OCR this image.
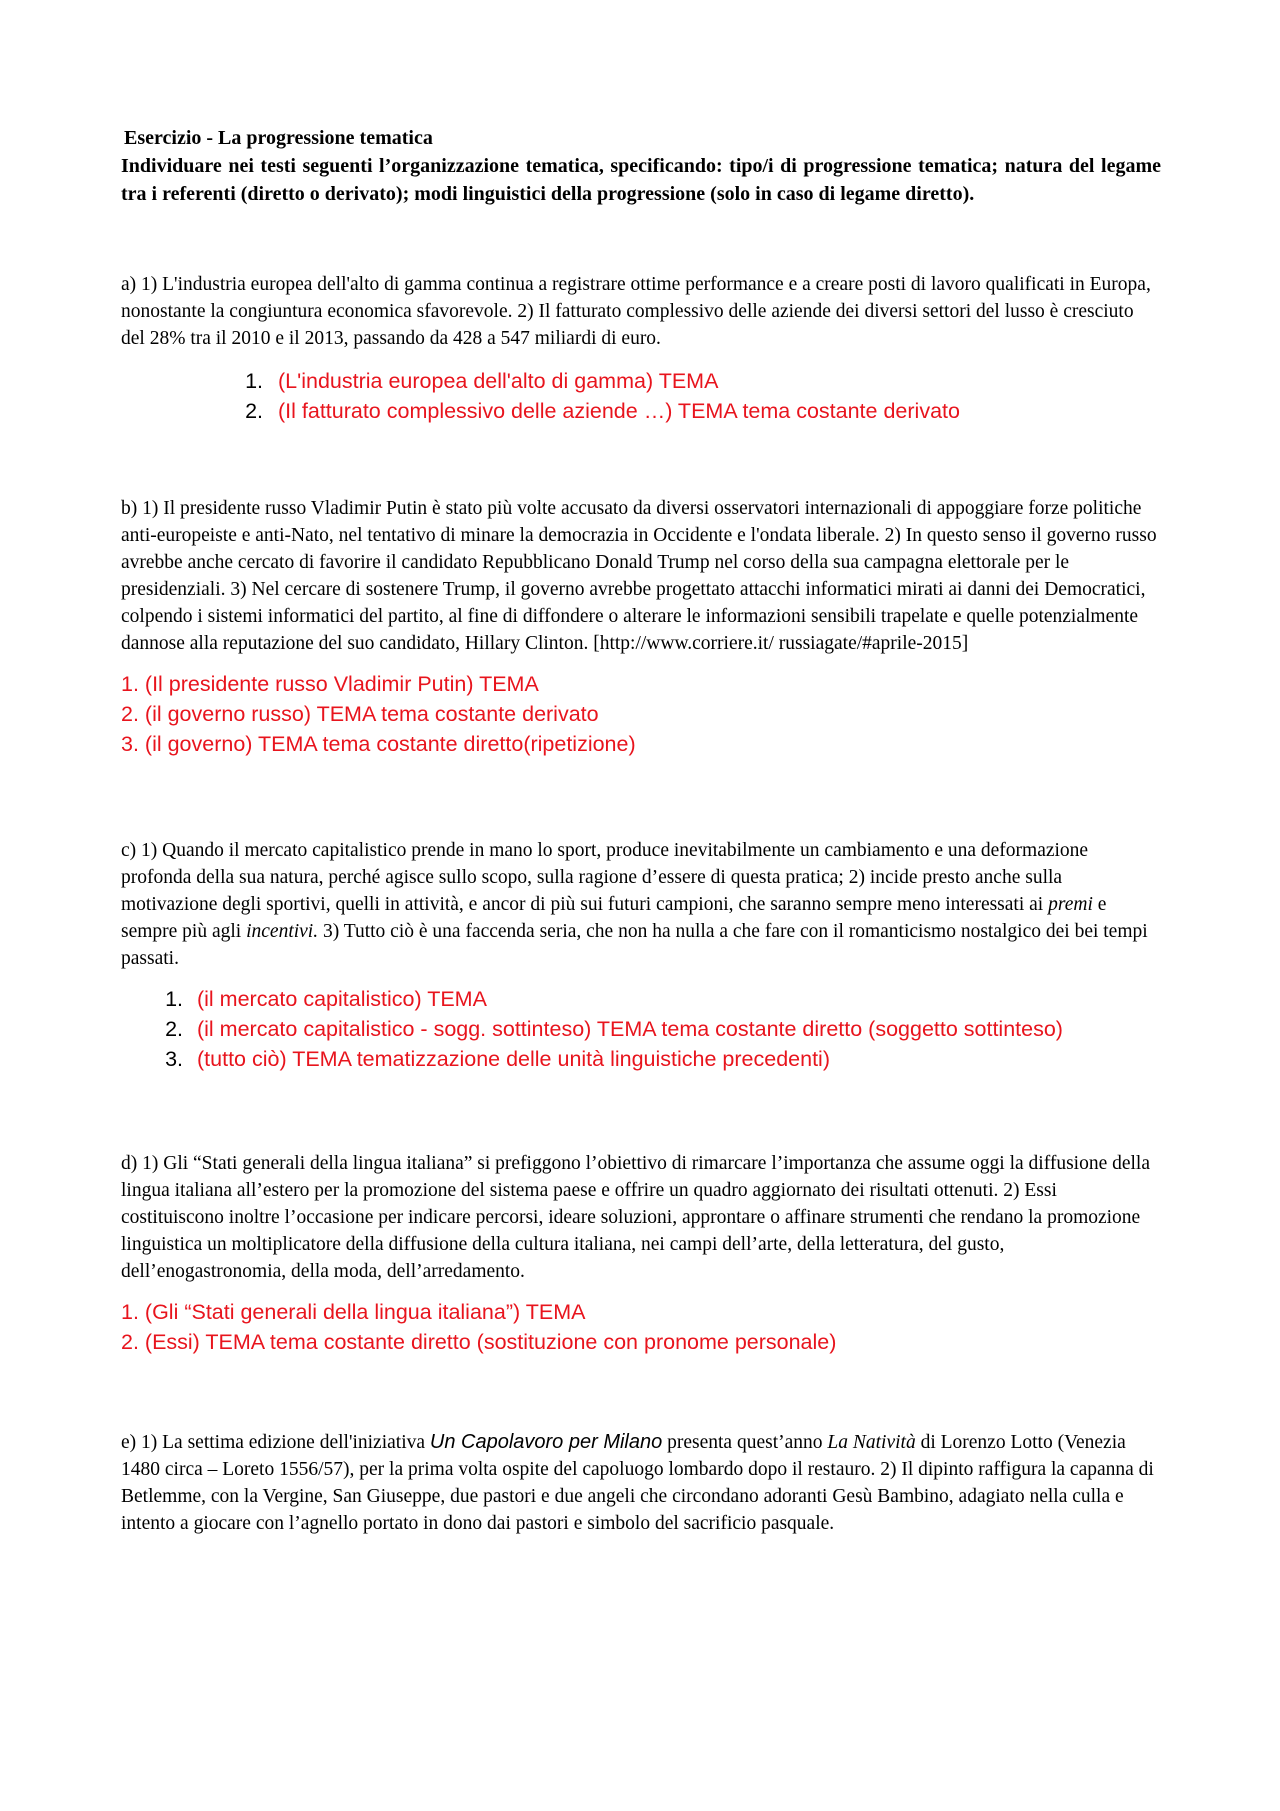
Esercizio - La progressione tematica

Individuare nei testi seguenti l’organizzazione tematica, specificando: tipo/i di progressione tematica; natura del legame tra i referenti (diretto o derivato); modi linguistici della progressione (solo in caso di legame diretto).

a) 1) L'industria europea dell'alto di gamma continua a registrare ottime performance e a creare posti di lavoro qualificati in Europa, nonostante la congiuntura economica sfavorevole. 2) Il fatturato complessivo delle aziende dei diversi settori del lusso è cresciuto del 28% tra il 2010 e il 2013, passando da 428 a 547 miliardi di euro.

1. (L'industria europea dell'alto di gamma) TEMA
2. (Il fatturato complessivo delle aziende …) TEMA tema costante derivato

b) 1) Il presidente russo Vladimir Putin è stato più volte accusato da diversi osservatori internazionali di appoggiare forze politiche anti-europeiste e anti-Nato, nel tentativo di minare la democrazia in Occidente e l'ondata liberale. 2) In questo senso il governo russo avrebbe anche cercato di favorire il candidato Repubblicano Donald Trump nel corso della sua campagna elettorale per le presidenziali. 3) Nel cercare di sostenere Trump, il governo avrebbe progettato attacchi informatici mirati ai danni dei Democratici, colpendo i sistemi informatici del partito, al fine di diffondere o alterare le informazioni sensibili trapelate e quelle potenzialmente dannose alla reputazione del suo candidato, Hillary Clinton. [http://www.corriere.it/ russiagate/#aprile-2015]

1. (Il presidente russo Vladimir Putin) TEMA
2. (il governo russo) TEMA tema costante derivato
3. (il governo) TEMA tema costante diretto(ripetizione)

c) 1) Quando il mercato capitalistico prende in mano lo sport, produce inevitabilmente un cambiamento e una deformazione profonda della sua natura, perché agisce sullo scopo, sulla ragione d’essere di questa pratica; 2) incide presto anche sulla motivazione degli sportivi, quelli in attività, e ancor di più sui futuri campioni, che saranno sempre meno interessati ai premi e sempre più agli incentivi. 3) Tutto ciò è una faccenda seria, che non ha nulla a che fare con il romanticismo nostalgico dei bei tempi passati.

1. (il mercato capitalistico) TEMA
2. (il mercato capitalistico - sogg. sottinteso) TEMA tema costante diretto (soggetto sottinteso)
3. (tutto ciò) TEMA tematizzazione delle unità linguistiche precedenti)

d) 1) Gli “Stati generali della lingua italiana” si prefiggono l’obiettivo di rimarcare l’importanza che assume oggi la diffusione della lingua italiana all’estero per la promozione del sistema paese e offrire un quadro aggiornato dei risultati ottenuti. 2) Essi costituiscono inoltre l’occasione per indicare percorsi, ideare soluzioni, approntare o affinare strumenti che rendano la promozione linguistica un moltiplicatore della diffusione della cultura italiana, nei campi dell’arte, della letteratura, del gusto, dell’enogastronomia, della moda, dell’arredamento.

1. (Gli “Stati generali della lingua italiana”) TEMA
2. (Essi) TEMA tema costante diretto (sostituzione con pronome personale)

e) 1) La settima edizione dell'iniziativa Un Capolavoro per Milano presenta quest’anno La Natività di Lorenzo Lotto (Venezia 1480 circa – Loreto 1556/57), per la prima volta ospite del capoluogo lombardo dopo il restauro. 2) Il dipinto raffigura la capanna di Betlemme, con la Vergine, San Giuseppe, due pastori e due angeli che circondano adoranti Gesù Bambino, adagiato nella culla e intento a giocare con l’agnello portato in dono dai pastori e simbolo del sacrificio pasquale.
